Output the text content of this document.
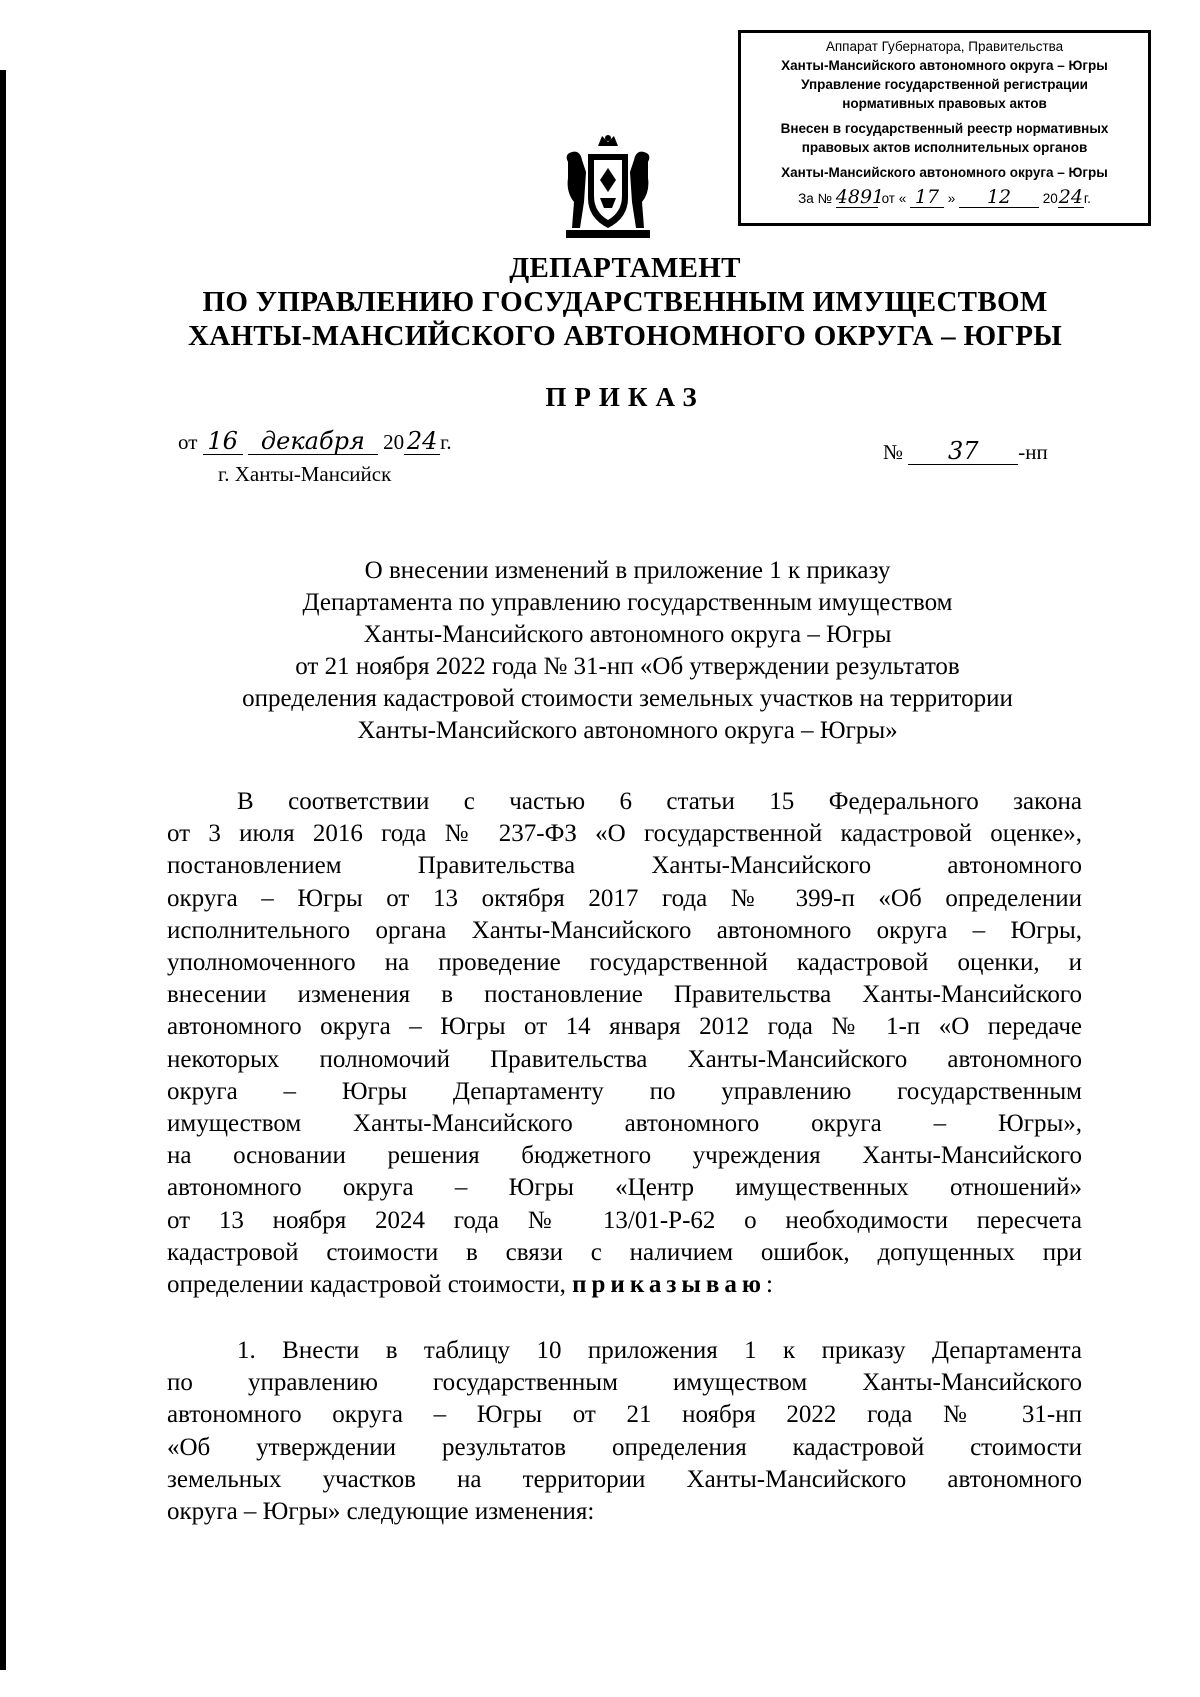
Аппарат Губернатора, Правительства
Ханты-Мансийского автономного округа – Югры
Управление государственной регистрации
нормативных правовых актов
Внесен в государственный реестр нормативных
правовых актов исполнительных органов
Ханты-Мансийского автономного округа – Югры
За № 4891 от « 17 » 12 2024г.
ДЕПАРТАМЕНТ
ПО УПРАВЛЕНИЮ ГОСУДАРСТВЕННЫМ ИМУЩЕСТВОМ
ХАНТЫ-МАНСИЙСКОГО АВТОНОМНОГО ОКРУГА – ЮГРЫ
ПРИКАЗ
от 16 декабря 20 24 г.
г. Ханты-Мансийск
№ 37 -нп
О внесении изменений в приложение 1 к приказу
Департамента по управлению государственным имуществом
Ханты-Мансийского автономного округа – Югры
от 21 ноября 2022 года № 31-нп «Об утверждении результатов
определения кадастровой стоимости земельных участков на территории
Ханты-Мансийского автономного округа – Югры»
В соответствии с частью 6 статьи 15 Федерального закона
от 3 июля 2016 года № 237-ФЗ «О государственной кадастровой оценке»,
постановлением Правительства Ханты-Мансийского автономного
округа – Югры от 13 октября 2017 года № 399-п «Об определении
исполнительного органа Ханты-Мансийского автономного округа – Югры,
уполномоченного на проведение государственной кадастровой оценки, и
внесении изменения в постановление Правительства Ханты-Мансийского
автономного округа – Югры от 14 января 2012 года № 1-п «О передаче
некоторых полномочий Правительства Ханты-Мансийского автономного
округа – Югры Департаменту по управлению государственным
имуществом Ханты-Мансийского автономного округа – Югры»,
на основании решения бюджетного учреждения Ханты-Мансийского
автономного округа – Югры «Центр имущественных отношений»
от 13 ноября 2024 года № 13/01-Р-62 о необходимости пересчета
кадастровой стоимости в связи с наличием ошибок, допущенных при
определении кадастровой стоимости, приказываю:
1. Внести в таблицу 10 приложения 1 к приказу Департамента
по управлению государственным имуществом Ханты-Мансийского
автономного округа – Югры от 21 ноября 2022 года № 31-нп
«Об утверждении результатов определения кадастровой стоимости
земельных участков на территории Ханты-Мансийского автономного
округа – Югры» следующие изменения:
